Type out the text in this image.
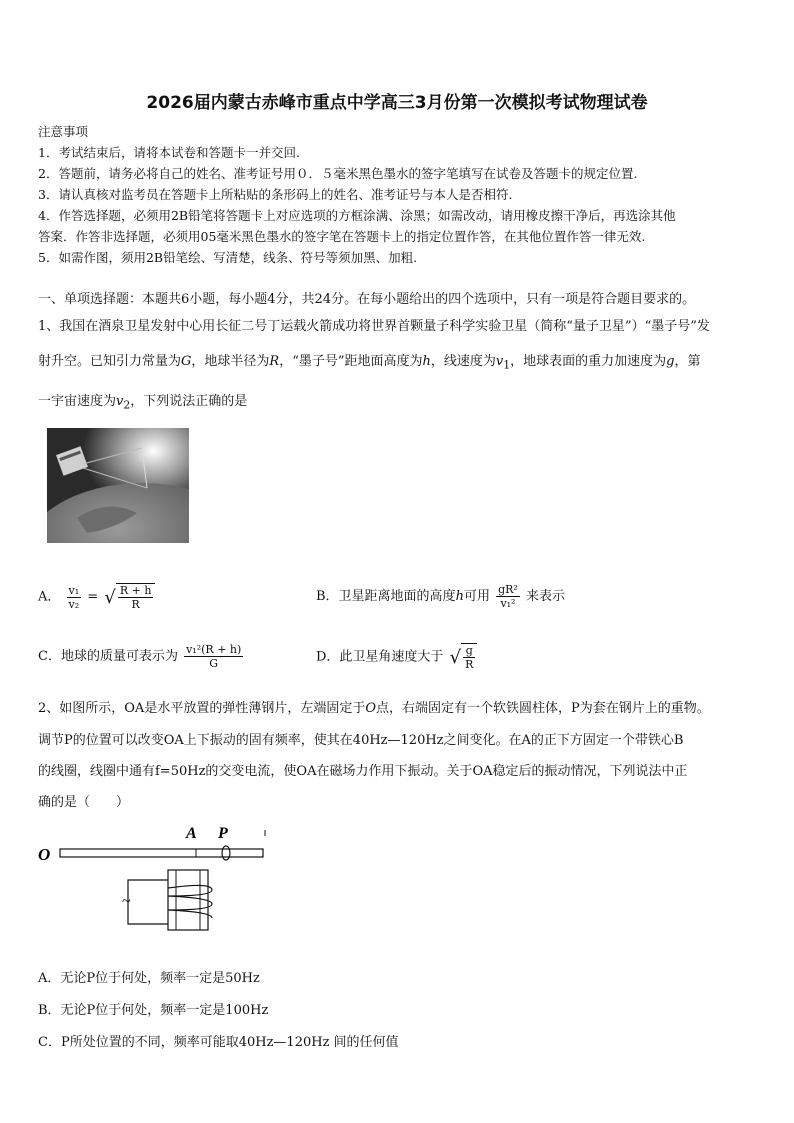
2026届内蒙古赤峰市重点中学高三3月份第一次模拟考试物理试卷
注意事项
1．考试结束后，请将本试卷和答题卡一并交回.
2．答题前，请务必将自己的姓名、准考证号用０．５毫米黑色墨水的签字笔填写在试卷及答题卡的规定位置.
3．请认真核对监考员在答题卡上所粘贴的条形码上的姓名、准考证号与本人是否相符.
4．作答选择题，必须用2B铅笔将答题卡上对应选项的方框涂满、涂黑；如需改动，请用橡皮擦干净后，再选涂其他
答案．作答非选择题，必须用05毫米黑色墨水的签字笔在答题卡上的指定位置作答，在其他位置作答一律无效.
5．如需作图，须用2B铅笔绘、写清楚，线条、符号等须加黑、加粗.
一、单项选择题：本题共6小题，每小题4分，共24分。在每小题给出的四个选项中，只有一项是符合题目要求的。
1、我国在酒泉卫星发射中心用长征二号丁运载火箭成功将世界首颗量子科学实验卫星（简称“量子卫星”）“墨子号”发
射升空。已知引力常量为G，地球半径为R，“墨子号”距地面高度为h，线速度为$v_1$，地球表面的重力加速度为g，第
一宇宙速度为$v_2$，下列说法正确的是
A． $\frac{\text{v₁}}{\text{v₂}}$ = √ $\frac{R + h}{R}$	B．卫星距离地面的高度h可用 $\frac{\text{gR²}}{\text{v₁²}}$ 来表示
C．地球的质量可表示为 $\frac{\text{v₁²(R + h)}}{G}$	D．此卫星角速度大于 √ $\frac{g}{R}$
2、如图所示，OA是水平放置的弹性薄钢片，左端固定于O点，右端固定有一个软铁圆柱体，P为套在钢片上的重物。
调节P的位置可以改变OA上下振动的固有频率，使其在40Hz—120Hz之间变化。在A的正下方固定一个带铁心B
的线圈，线圈中通有f=50Hz的交变电流，使OA在磁场力作用下振动。关于OA稳定后的振动情况，下列说法中正
确的是（　　）
O
A P
~
A．无论P位于何处，频率一定是50Hz
B．无论P位于何处，频率一定是100Hz
C．P所处位置的不同，频率可能取40Hz—120Hz 间的任何值
